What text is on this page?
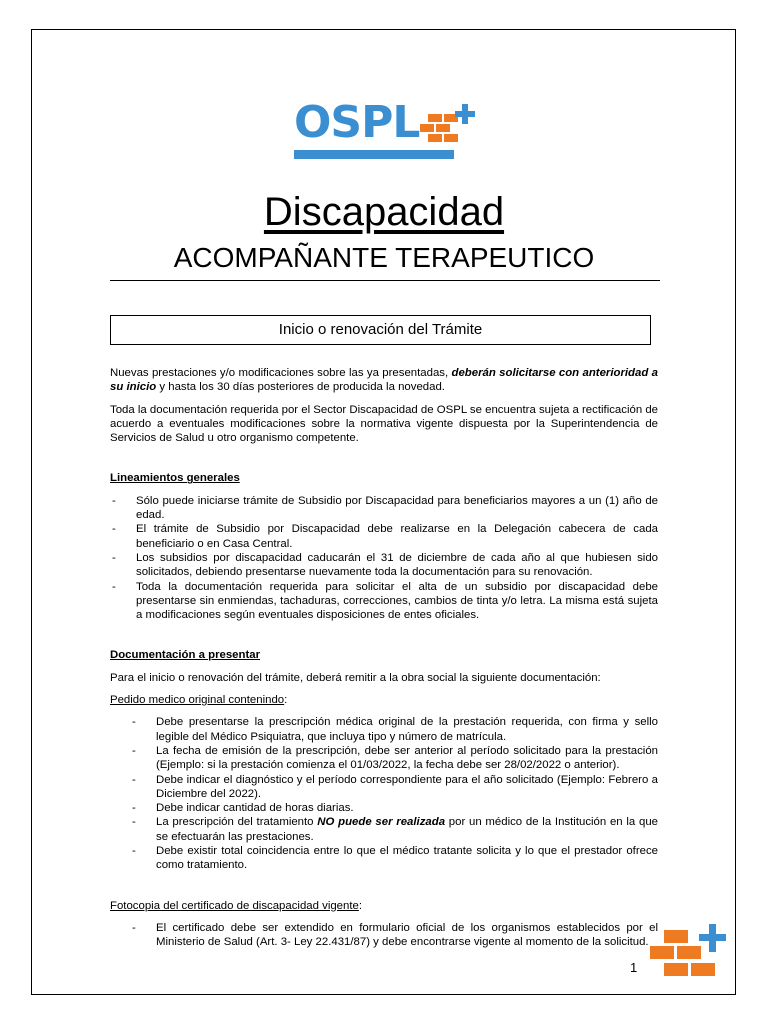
OSPL
Discapacidad
ACOMPAÑANTE TERAPEUTICO
Inicio o renovación del Trámite

Nuevas prestaciones y/o modificaciones sobre las ya presentadas, deberán solicitarse con anterioridad a su inicio y hasta los 30 días posteriores de producida la novedad.

Toda la documentación requerida por el Sector Discapacidad de OSPL se encuentra sujeta a rectificación de acuerdo a eventuales modificaciones sobre la normativa vigente dispuesta por la Superintendencia de Servicios de Salud u otro organismo competente.

Lineamientos generales

- Sólo puede iniciarse trámite de Subsidio por Discapacidad para beneficiarios mayores a un (1) año de edad.
- El trámite de Subsidio por Discapacidad debe realizarse en la Delegación cabecera de cada beneficiario o en Casa Central.
- Los subsidios por discapacidad caducarán el 31 de diciembre de cada año al que hubiesen sido solicitados, debiendo presentarse nuevamente toda la documentación para su renovación.
- Toda la documentación requerida para solicitar el alta de un subsidio por discapacidad debe presentarse sin enmiendas, tachaduras, correcciones, cambios de tinta y/o letra. La misma está sujeta a modificaciones según eventuales disposiciones de entes oficiales.

Documentación a presentar

Para el inicio o renovación del trámite, deberá remitir a la obra social la siguiente documentación:

Pedido medico original contenindo:

- Debe presentarse la prescripción médica original de la prestación requerida, con firma y sello legible del Médico Psiquiatra, que incluya tipo y número de matrícula.
- La fecha de emisión de la prescripción, debe ser anterior al período solicitado para la prestación (Ejemplo: si la prestación comienza el 01/03/2022, la fecha debe ser 28/02/2022 o anterior).
- Debe indicar el diagnóstico y el período correspondiente para el año solicitado (Ejemplo: Febrero a Diciembre del 2022).
- Debe indicar cantidad de horas diarias.
- La prescripción del tratamiento NO puede ser realizada por un médico de la Institución en la que se efectuarán las prestaciones.
- Debe existir total coincidencia entre lo que el médico tratante solicita y lo que el prestador ofrece como tratamiento.

Fotocopia del certificado de discapacidad vigente:

- El certificado debe ser extendido en formulario oficial de los organismos establecidos por el Ministerio de Salud (Art. 3- Ley 22.431/87) y debe encontrarse vigente al momento de la solicitud.
1
